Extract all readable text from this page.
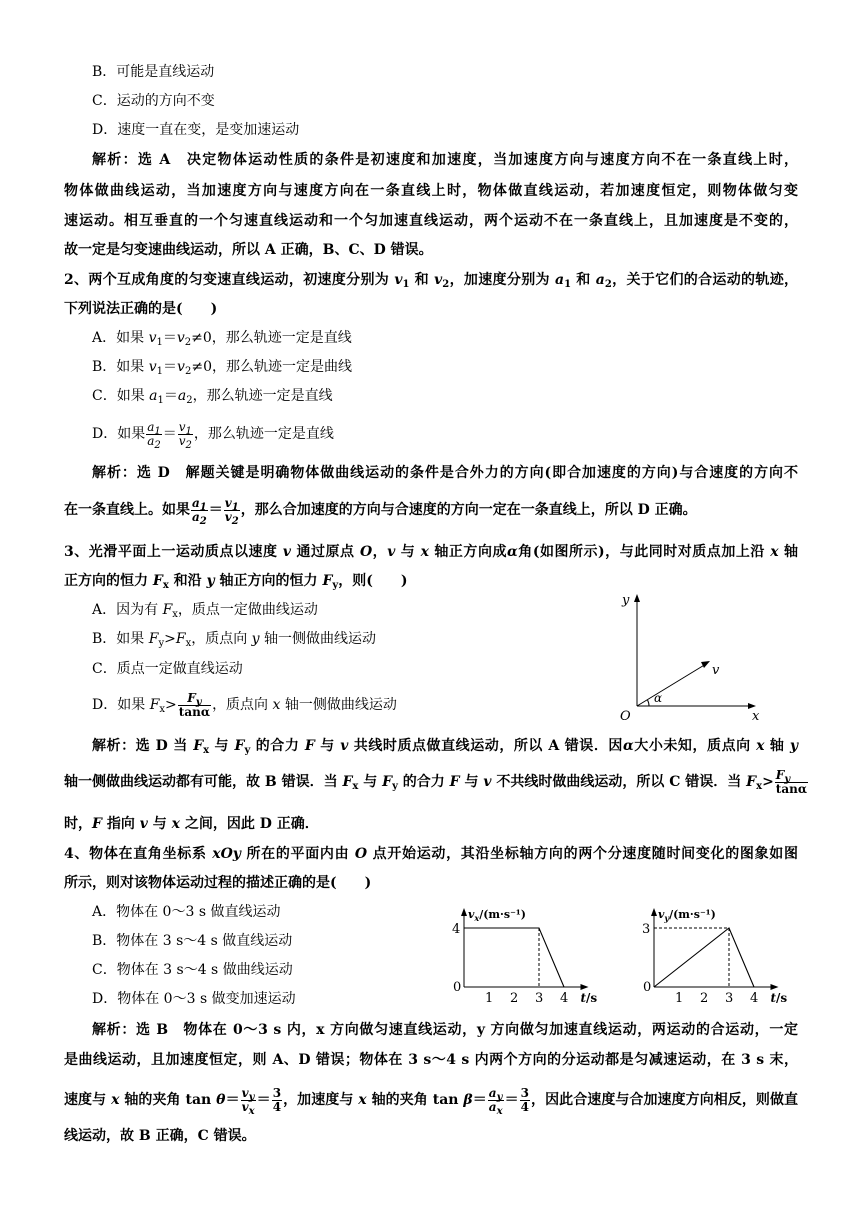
B．可能是直线运动
C．运动的方向不变
D．速度一直在变，是变加速运动
解析：选 A　决定物体运动性质的条件是初速度和加速度，当加速度方向与速度方向不在一条直线上时，
物体做曲线运动，当加速度方向与速度方向在一条直线上时，物体做直线运动，若加速度恒定，则物体做匀变
速运动。相互垂直的一个匀速直线运动和一个匀加速直线运动，两个运动不在一条直线上，且加速度是不变的，
故一定是匀变速曲线运动，所以 A 正确，B、C、D 错误。
2、两个互成角度的匀变速直线运动，初速度分别为 $v_1$ 和 $v_2$，加速度分别为 $a_1$ 和 $a_2$，关于它们的合运动的轨迹，
下列说法正确的是(　　)
A．如果 $v_1=v_2\ne 0$，那么轨迹一定是直线
B．如果 $v_1=v_2\ne 0$，那么轨迹一定是曲线
C．如果 $a_1=a_2$，那么轨迹一定是直线
D．如果 $\frac{a_1}{a_2} = \frac{v_1}{v_2}$ ，那么轨迹一定是直线
解析：选 D　解题关键是明确物体做曲线运动的条件是合外力的方向(即合加速度的方向)与合速度的方向不
在一条直线上。如果 $\frac{a_1}{a_2} = \frac{v_1}{v_2}$ ，那么合加速度的方向与合速度的方向一定在一条直线上，所以 D 正确。
3、光滑平面上一运动质点以速度 v 通过原点 O，v 与 x 轴正方向成α角(如图所示)，与此同时对质点加上沿 x 轴
正方向的恒力 $F_x$ 和沿 y 轴正方向的恒力 $F_y$，则(　　)
A．因为有 $F_x$，质点一定做曲线运动
B．如果 $F_y>F_x$，质点向 y 轴一侧做曲线运动
C．质点一定做直线运动
D．如果 $F_x> \frac{F_y}{\tan\alpha}$ ，质点向 x 轴一侧做曲线运动
y
x
v
α
O
解析：选 D 当 $F_x$ 与 $F_y$ 的合力 F 与 v 共线时质点做直线运动，所以 A 错误．因α大小未知，质点向 x 轴 y
轴一侧做曲线运动都有可能，故 B 错误．当 $F_x$ 与 $F_y$ 的合力 F 与 v 不共线时做曲线运动，所以 C 错误．当 $F_x> \frac{F_y}{\tan\alpha}$
时，F 指向 v 与 x 之间，因此 D 正确．
4、物体在直角坐标系 xOy 所在的平面内由 O 点开始运动，其沿坐标轴方向的两个分速度随时间变化的图象如图
所示，则对该物体运动过程的描述正确的是(　　)
A．物体在 0～3 s 做直线运动
B．物体在 3 s～4 s 做直线运动
C．物体在 3 s～4 s 做曲线运动
D．物体在 0～3 s 做变加速运动
$v_x/(m\cdot s^{-1})$
t/s
0
1 2 3 4
4
$v_y/(m\cdot s^{-1})$
t/s
0
1 2 3 4
3
解析：选 B　物体在 0～3 s 内，x 方向做匀速直线运动，y 方向做匀加速直线运动，两运动的合运动，一定
是曲线运动，且加速度恒定，则 A、D 错误；物体在 3 s～4 s 内两个方向的分运动都是匀减速运动，在 3 s 末，
速度与 x 轴的夹角 $\tan \theta= \frac{v_y}{v_x} = \frac{3}{4}$ ，加速度与 x 轴的夹角 $\tan \beta= \frac{a_y}{a_x} = \frac{3}{4}$ ，因此合速度与合加速度方向相反，则做直
线运动，故 B 正确，C 错误。
